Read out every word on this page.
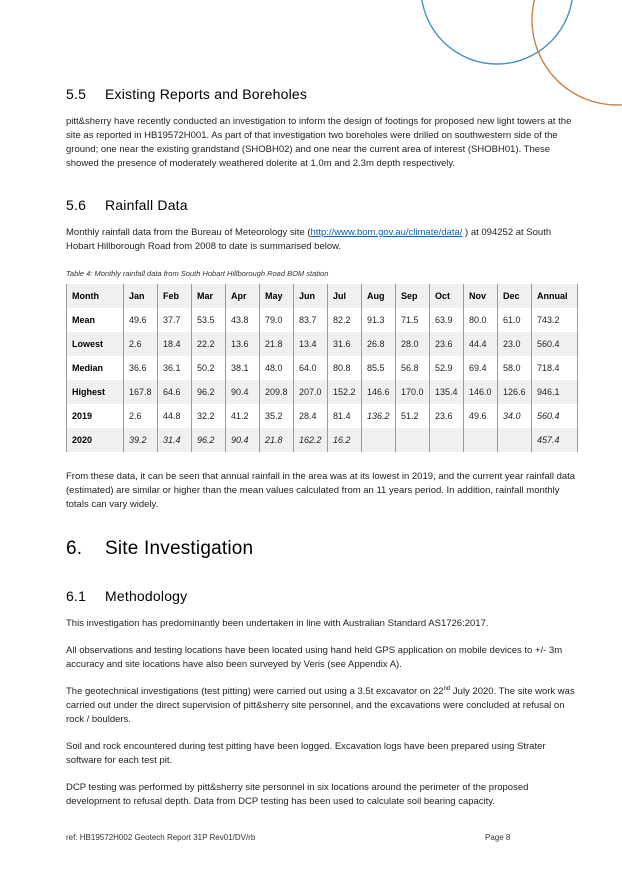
5.5	Existing Reports and Boreholes

pitt&sherry have recently conducted an investigation to inform the design of footings for proposed new light towers at the site as reported in HB19572H001. As part of that investigation two boreholes were drilled on southwestern side of the ground; one near the existing grandstand (SHOBH02) and one near the current area of interest (SHOBH01). These showed the presence of moderately weathered dolerite at 1.0m and 2.3m depth respectively.

5.6	Rainfall Data

Monthly rainfall data from the Bureau of Meteorology site (http://www.bom.gov.au/climate/data/ ) at 094252 at South Hobart Hillborough Road from 2008 to date is summarised below.

Table 4: Monthly rainfall data from South Hobart Hillborough Road BOM station

Month	Jan	Feb	Mar	Apr	May	Jun	Jul	Aug	Sep	Oct	Nov	Dec	Annual
Mean	49.6	37.7	53.5	43.8	79.0	83.7	82.2	91.3	71.5	63.9	80.0	61.0	743.2
Lowest	2.6	18.4	22.2	13.6	21.8	13.4	31.6	26.8	28.0	23.6	44.4	23.0	560.4
Median	36.6	36.1	50.2	38.1	48.0	64.0	80.8	85.5	56.8	52.9	69.4	58.0	718.4
Highest	167.8	64.6	96.2	90.4	209.8	207.0	152.2	146.6	170.0	135.4	146.0	126.6	946.1
2019	2.6	44.8	32.2	41.2	35.2	28.4	81.4	136.2	51.2	23.6	49.6	34.0	560.4
2020	39.2	31.4	96.2	90.4	21.8	162.2	16.2						457.4

From these data, it can be seen that annual rainfall in the area was at its lowest in 2019, and the current year rainfall data (estimated) are similar or higher than the mean values calculated from an 11 years period. In addition, rainfall monthly totals can vary widely.

6.	Site Investigation
6.1	Methodology

This investigation has predominantly been undertaken in line with Australian Standard AS1726:2017.

All observations and testing locations have been located using hand held GPS application on mobile devices to +/- 3m accuracy and site locations have also been surveyed by Veris (see Appendix A).

The geotechnical investigations (test pitting) were carried out using a 3.5t excavator on 22nd July 2020. The site work was carried out under the direct supervision of pitt&sherry site personnel, and the excavations were concluded at refusal on rock / boulders.

Soil and rock encountered during test pitting have been logged. Excavation logs have been prepared using Strater software for each test pit.

DCP testing was performed by pitt&sherry site personnel in six locations around the perimeter of the proposed development to refusal depth. Data from DCP testing has been used to calculate soil bearing capacity.

ref: HB19572H002 Geotech Report 31P Rev01/DV/rb	Page 8
